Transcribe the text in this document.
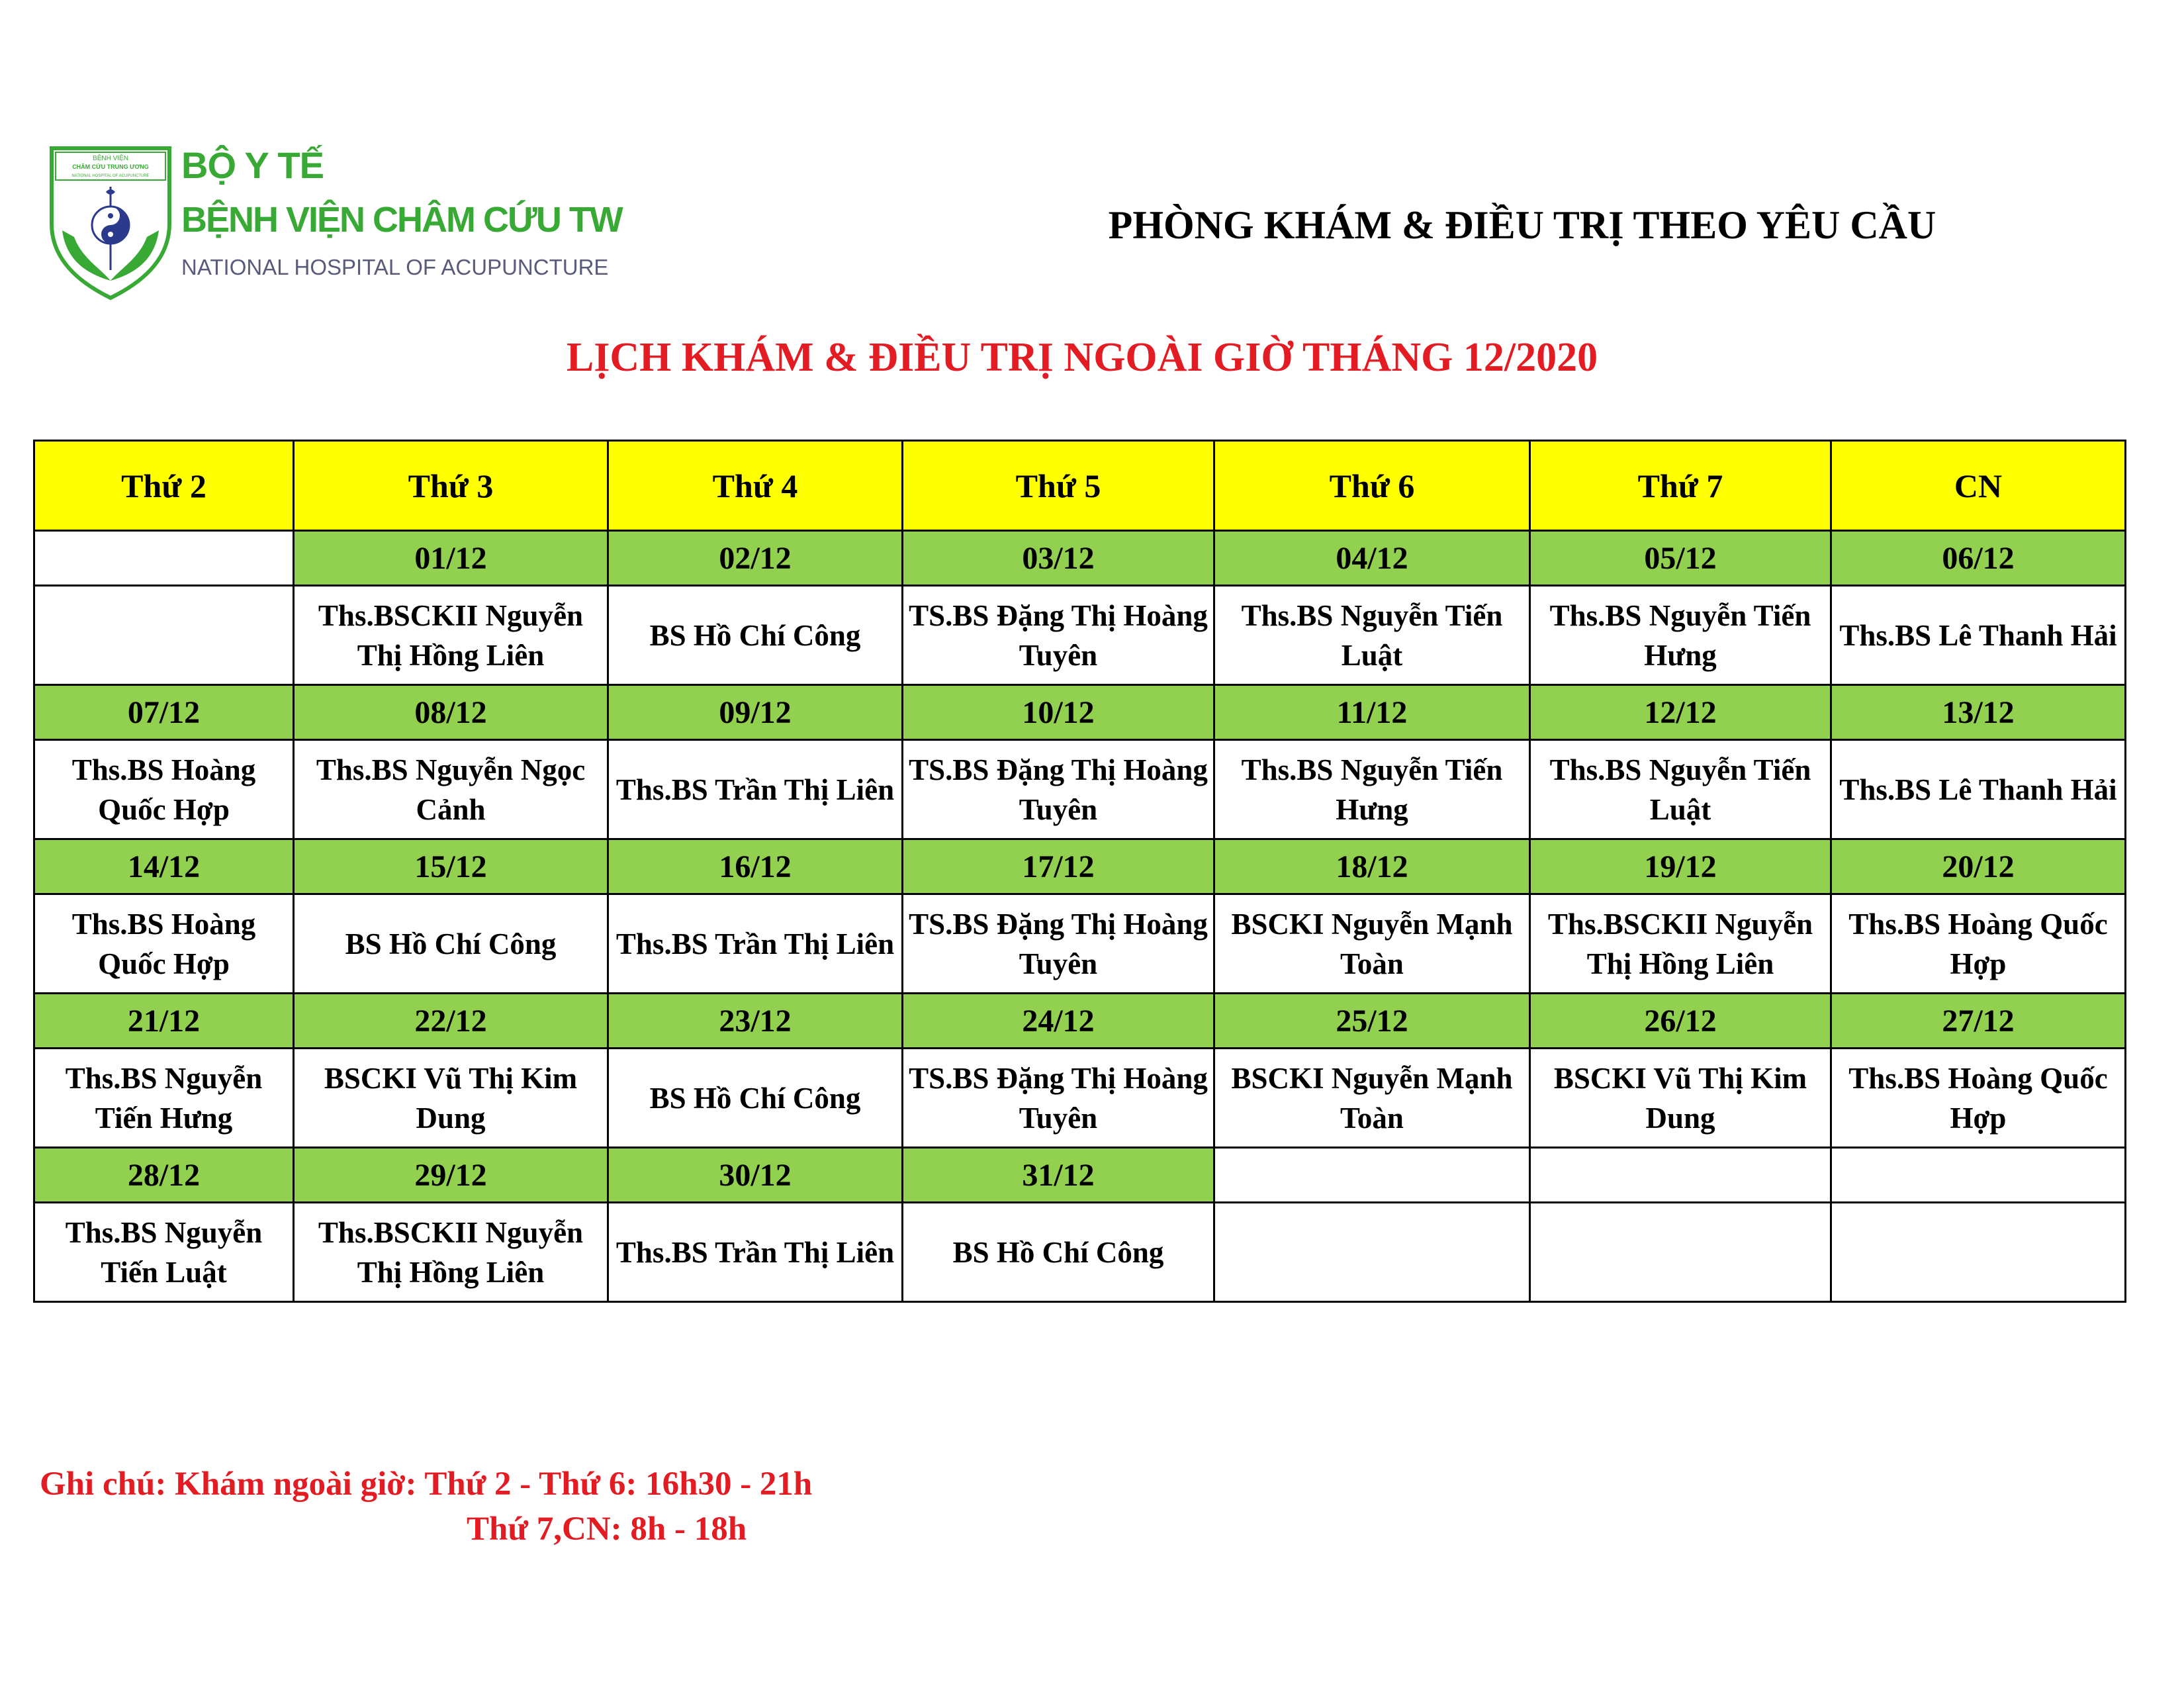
BỆNH VIỆN
CHÂM CỨU TRUNG ƯƠNG
NATIONAL HOSPITAL OF ACUPUNCTURE BỘ Y TẾ
BỆNH VIỆN CHÂM CỨU TW
NATIONAL HOSPITAL OF ACUPUNCTURE
PHÒNG KHÁM & ĐIỀU TRỊ THEO YÊU CẦU
LỊCH KHÁM & ĐIỀU TRỊ NGOÀI GIỜ THÁNG 12/2020
Thứ 2	Thứ 3	Thứ 4	Thứ 5	Thứ 6	Thứ 7	CN
	01/12	02/12	03/12	04/12	05/12	06/12
	Ths.BSCKII Nguyễn Thị Hồng Liên	BS Hồ Chí Công	TS.BS Đặng Thị Hoàng Tuyên	Ths.BS Nguyễn Tiến Luật	Ths.BS Nguyễn Tiến Hưng	Ths.BS Lê Thanh Hải
07/12	08/12	09/12	10/12	11/12	12/12	13/12
Ths.BS Hoàng Quốc Hợp	Ths.BS Nguyễn Ngọc Cảnh	Ths.BS Trần Thị Liên	TS.BS Đặng Thị Hoàng Tuyên	Ths.BS Nguyễn Tiến Hưng	Ths.BS Nguyễn Tiến Luật	Ths.BS Lê Thanh Hải
14/12	15/12	16/12	17/12	18/12	19/12	20/12
Ths.BS Hoàng Quốc Hợp	BS Hồ Chí Công	Ths.BS Trần Thị Liên	TS.BS Đặng Thị Hoàng Tuyên	BSCKI Nguyễn Mạnh Toàn	Ths.BSCKII Nguyễn Thị Hồng Liên	Ths.BS Hoàng Quốc Hợp
21/12	22/12	23/12	24/12	25/12	26/12	27/12
Ths.BS Nguyễn Tiến Hưng	BSCKI Vũ Thị Kim Dung	BS Hồ Chí Công	TS.BS Đặng Thị Hoàng Tuyên	BSCKI Nguyễn Mạnh Toàn	BSCKI Vũ Thị Kim Dung	Ths.BS Hoàng Quốc Hợp
28/12	29/12	30/12	31/12			
Ths.BS Nguyễn Tiến Luật	Ths.BSCKII Nguyễn Thị Hồng Liên	Ths.BS Trần Thị Liên	BS Hồ Chí Công			
Ghi chú: Khám ngoài giờ: Thứ 2 - Thứ 6: 16h30 - 21h
Thứ 7,CN: 8h - 18h
